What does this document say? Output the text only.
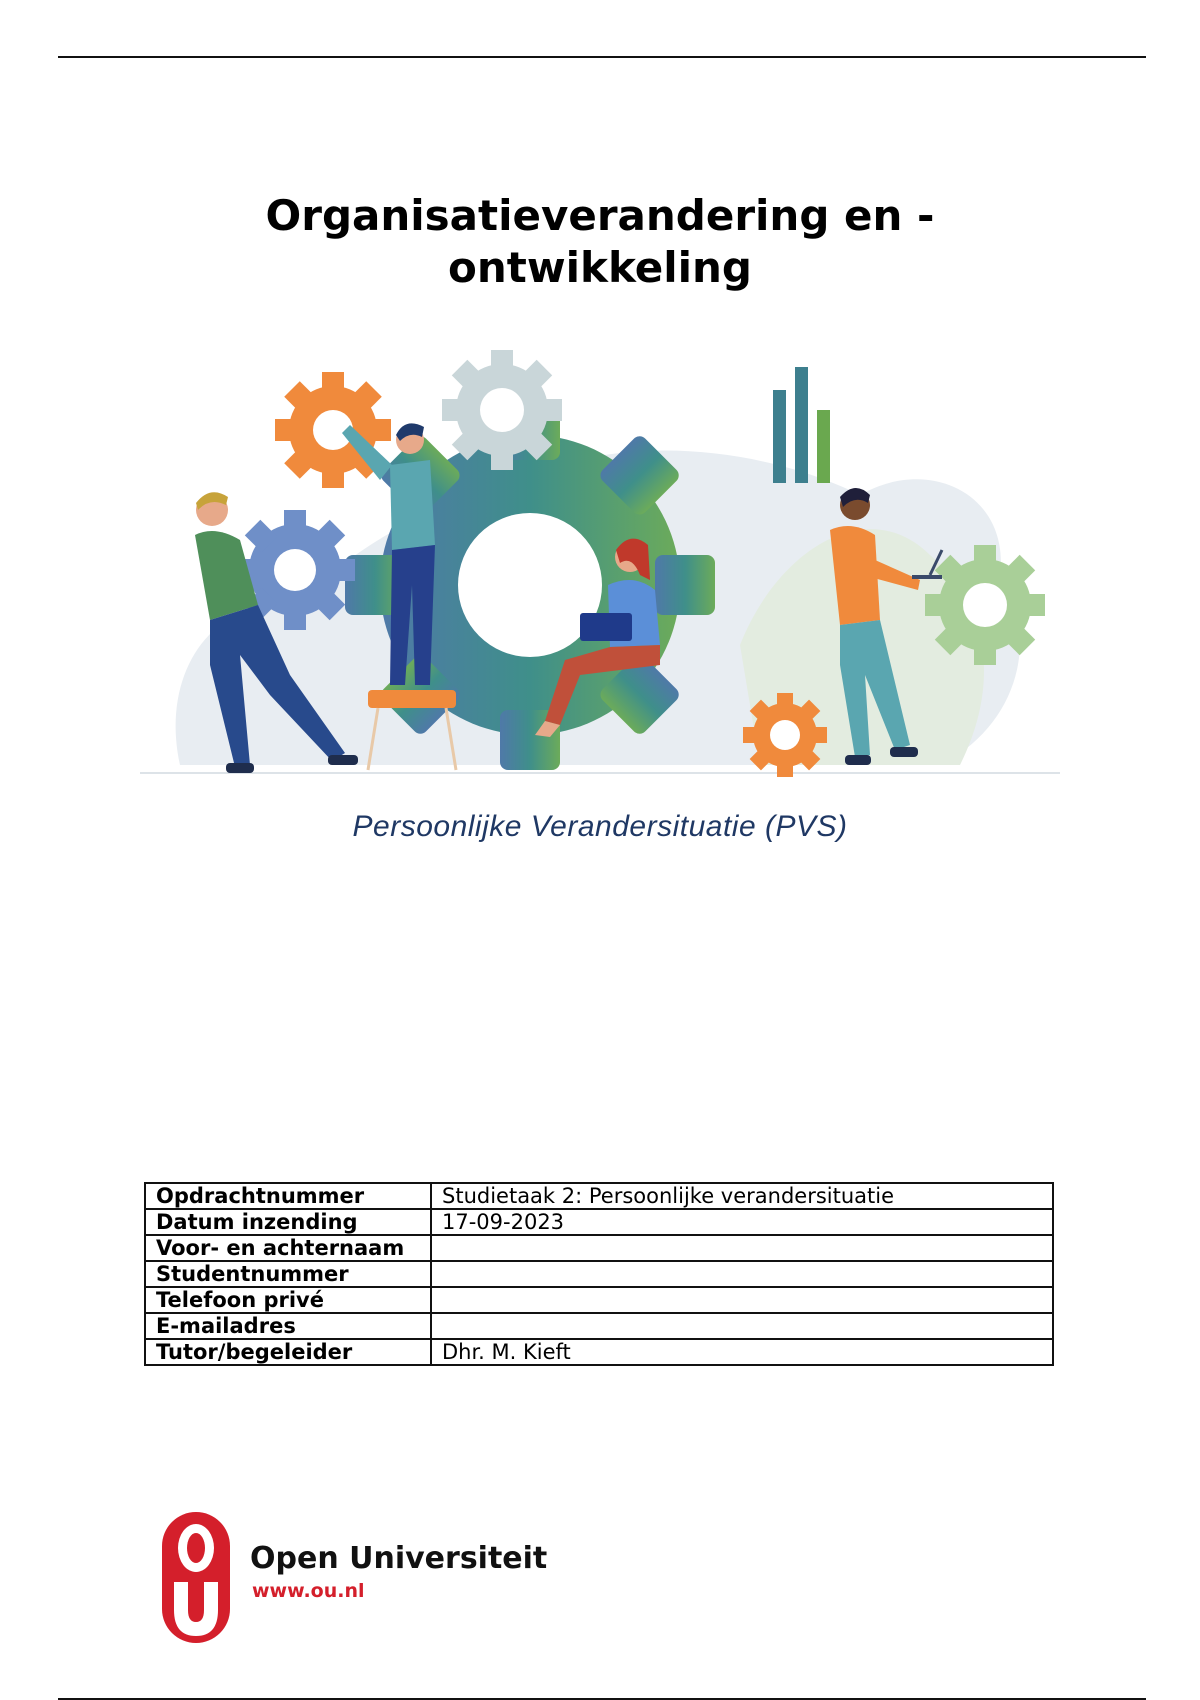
Organisatieverandering en -
ontwikkeling

Persoonlijke Verandersituatie (PVS)

Opdrachtnummer	Studietaak 2: Persoonlijke verandersituatie
Datum inzending	17-09-2023
Voor- en achternaam	
Studentnummer	
Telefoon privé	
E-mailadres	
Tutor/begeleider	Dhr. M. Kieft
Open Universiteit
www.ou.nl
